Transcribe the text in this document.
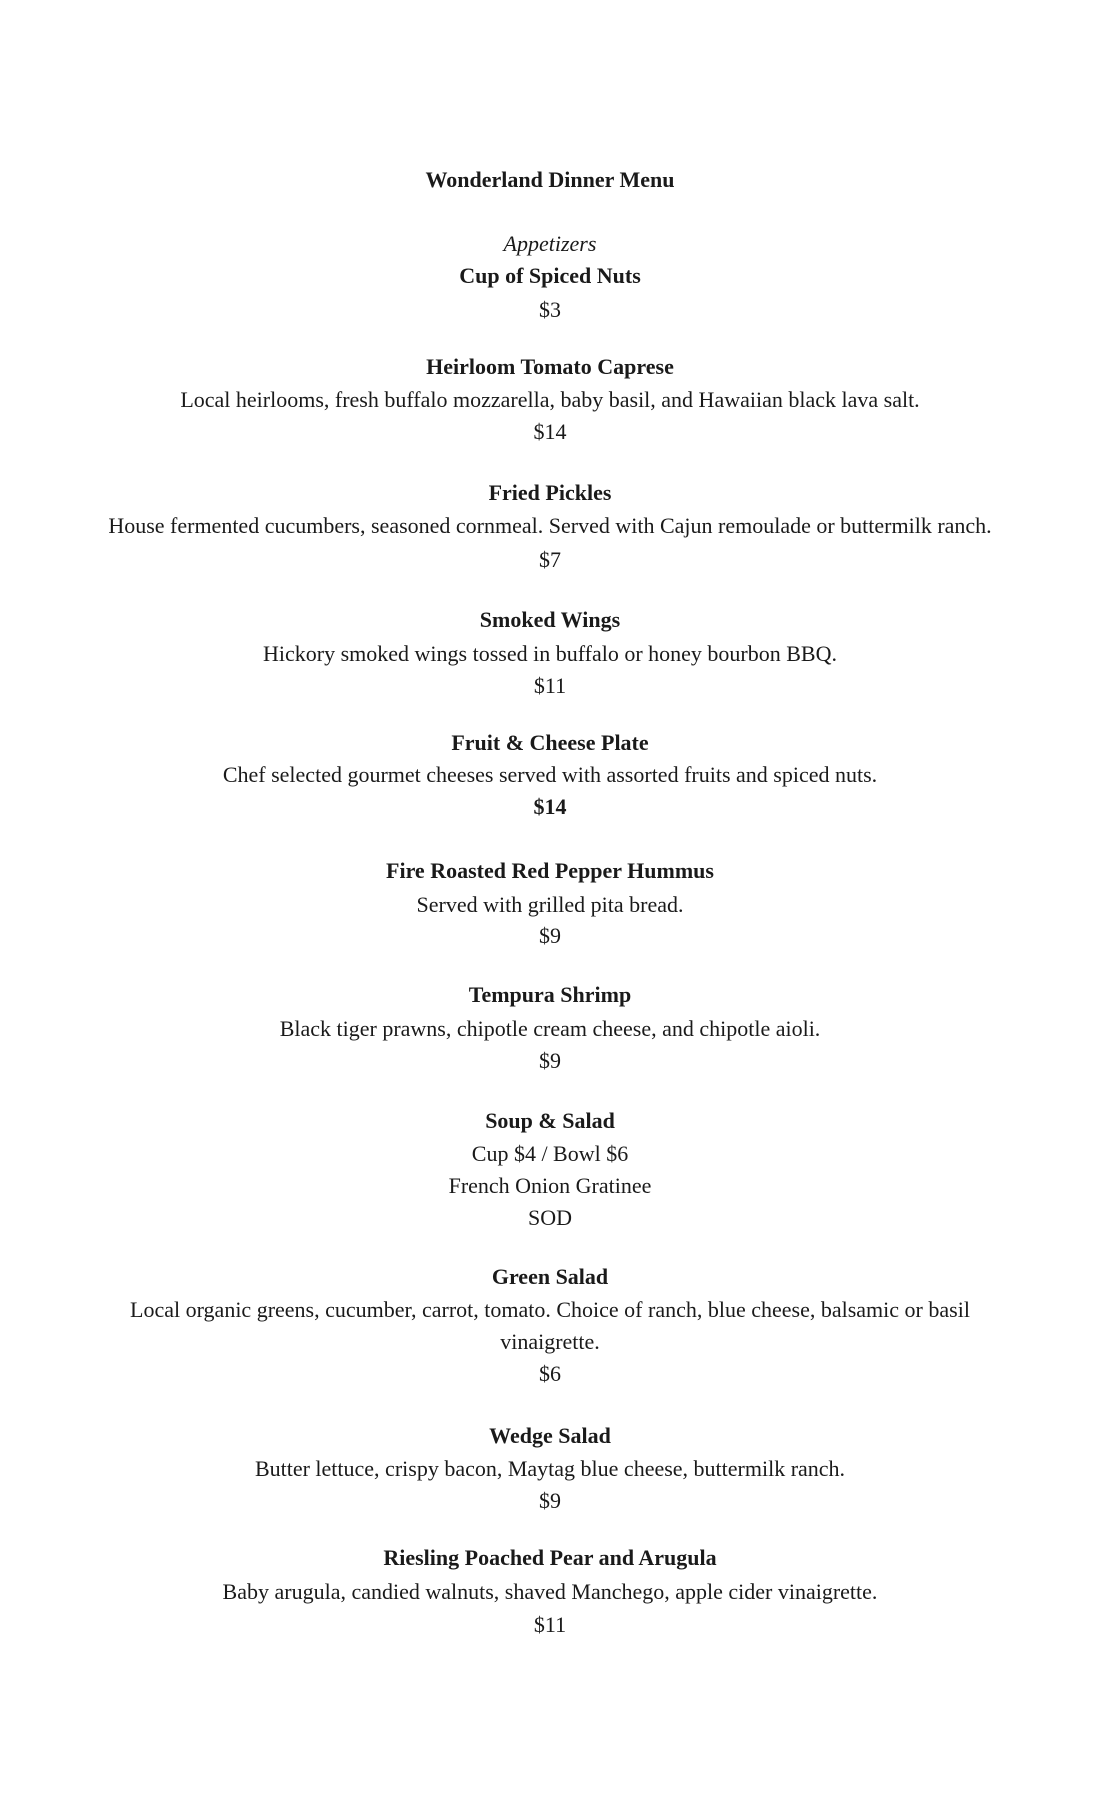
Wonderland Dinner Menu
Appetizers
Cup of Spiced Nuts
$3
Heirloom Tomato Caprese
Local heirlooms, fresh buffalo mozzarella, baby basil, and Hawaiian black lava salt.
$14
Fried Pickles
House fermented cucumbers, seasoned cornmeal. Served with Cajun remoulade or buttermilk ranch.
$7
Smoked Wings
Hickory smoked wings tossed in buffalo or honey bourbon BBQ.
$11
Fruit & Cheese Plate
Chef selected gourmet cheeses served with assorted fruits and spiced nuts.
$14
Fire Roasted Red Pepper Hummus
Served with grilled pita bread.
$9
Tempura Shrimp
Black tiger prawns, chipotle cream cheese, and chipotle aioli.
$9
Soup & Salad
Cup $4 / Bowl $6
French Onion Gratinee
SOD
Green Salad
Local organic greens, cucumber, carrot, tomato. Choice of ranch, blue cheese, balsamic or basil
vinaigrette.
$6
Wedge Salad
Butter lettuce, crispy bacon, Maytag blue cheese, buttermilk ranch.
$9
Riesling Poached Pear and Arugula
Baby arugula, candied walnuts, shaved Manchego, apple cider vinaigrette.
$11
